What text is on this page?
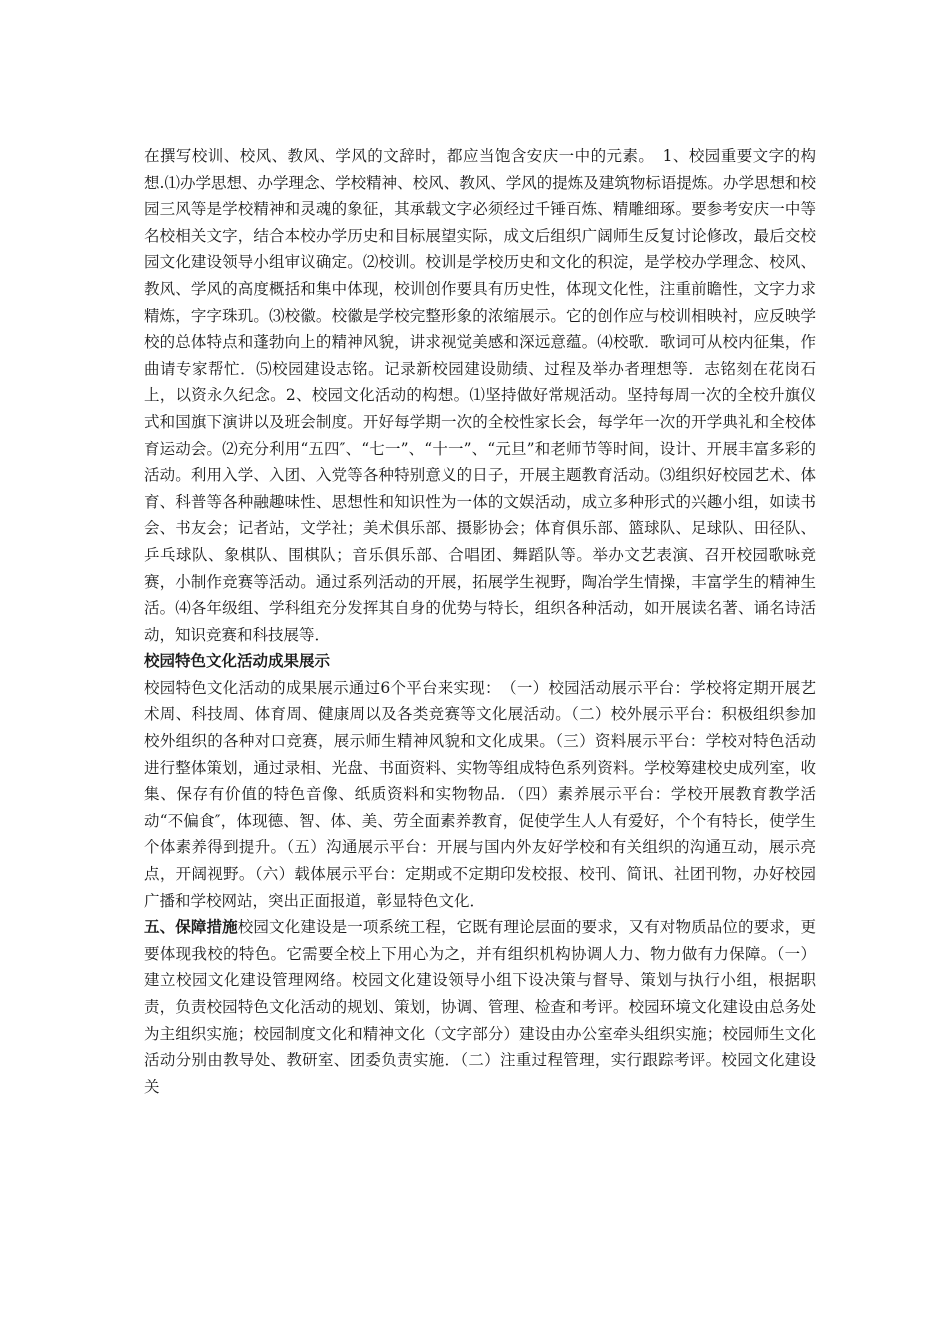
在撰写校训、校风、教风、学风的文辞时，都应当饱含安庆一中的元素。　1、校园重要文字的构想.⑴办学思想、办学理念、学校精神、校风、教风、学风的提炼及建筑物标语提炼。办学思想和校园三风等是学校精神和灵魂的象征，其承载文字必须经过千锤百炼、精雕细琢。要参考安庆一中等名校相关文字，结合本校办学历史和目标展望实际，成文后组织广阔师生反复讨论修改，最后交校园文化建设领导小组审议确定。⑵校训。校训是学校历史和文化的积淀，是学校办学理念、校风、教风、学风的高度概括和集中体现，校训创作要具有历史性，体现文化性，注重前瞻性，文字力求精炼，字字珠玑。⑶校徽。校徽是学校完整形象的浓缩展示。它的创作应与校训相映衬，应反映学校的总体特点和蓬勃向上的精神风貌，讲求视觉美感和深远意蕴。⑷校歌．歌词可从校内征集，作曲请专家帮忙．⑸校园建设志铭。记录新校园建设勋绩、过程及举办者理想等．志铭刻在花岗石上，以资永久纪念。2、校园文化活动的构想。⑴坚持做好常规活动。坚持每周一次的全校升旗仪式和国旗下演讲以及班会制度。开好每学期一次的全校性家长会，每学年一次的开学典礼和全校体育运动会。⑵充分利用“五四″、“七一”、“十一”、“元旦”和老师节等时间，设计、开展丰富多彩的活动。利用入学、入团、入党等各种特别意义的日子，开展主题教育活动。⑶组织好校园艺术、体育、科普等各种融趣味性、思想性和知识性为一体的文娱活动，成立多种形式的兴趣小组，如读书会、书友会；记者站，文学社；美术俱乐部、摄影协会；体育俱乐部、篮球队、足球队、田径队、乒乓球队、象棋队、围棋队；音乐俱乐部、合唱团、舞蹈队等。举办文艺表演、召开校园歌咏竞赛，小制作竞赛等活动。通过系列活动的开展，拓展学生视野，陶冶学生情操，丰富学生的精神生活。⑷各年级组、学科组充分发挥其自身的优势与特长，组织各种活动，如开展读名著、诵名诗活动，知识竞赛和科技展等．

校园特色文化活动成果展示

校园特色文化活动的成果展示通过6个平台来实现：　（一）校园活动展示平台：学校将定期开展艺术周、科技周、体育周、健康周以及各类竞赛等文化展活动。（二）校外展示平台：积极组织参加校外组织的各种对口竞赛，展示师生精神风貌和文化成果。（三）资料展示平台：学校对特色活动进行整体策划，通过录相、光盘、书面资料、实物等组成特色系列资料。学校筹建校史成列室，收集、保存有价值的特色音像、纸质资料和实物物品．（四）素养展示平台：学校开展教育教学活动“不偏食″，体现德、智、体、美、劳全面素养教育，促使学生人人有爱好，个个有特长，使学生个体素养得到提升。（五）沟通展示平台：开展与国内外友好学校和有关组织的沟通互动，展示亮点，开阔视野。（六）载体展示平台：定期或不定期印发校报、校刊、简讯、社团刊物，办好校园广播和学校网站，突出正面报道，彰显特色文化．

五、保障措施校园文化建设是一项系统工程，它既有理论层面的要求，又有对物质品位的要求，更要体现我校的特色。它需要全校上下用心为之，并有组织机构协调人力、物力做有力保障。（一）建立校园文化建设管理网络。校园文化建设领导小组下设决策与督导、策划与执行小组，根据职责，负责校园特色文化活动的规划、策划，协调、管理、检查和考评。校园环境文化建设由总务处为主组织实施；校园制度文化和精神文化（文字部分）建设由办公室牵头组织实施；校园师生文化活动分别由教导处、教研室、团委负责实施．（二）注重过程管理，实行跟踪考评。校园文化建设关
